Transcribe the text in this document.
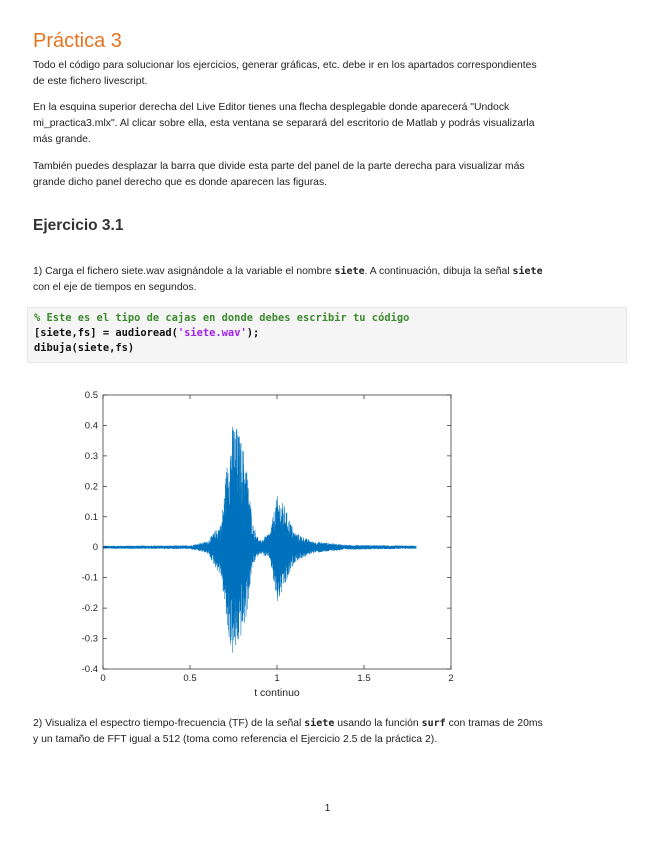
Práctica 3

Todo el código para solucionar los ejercicios, generar gráficas, etc. debe ir en los apartados correspondientes
de este fichero livescript.

En la esquina superior derecha del Live Editor tienes una flecha desplegable donde aparecerá "Undock
mi_practica3.mlx". Al clicar sobre ella, esta ventana se separará del escritorio de Matlab y podrás visualizarla
más grande.

También puedes desplazar la barra que divide esta parte del panel de la parte derecha para visualizar más
grande dicho panel derecho que es donde aparecen las figuras.

Ejercicio 3.1

1) Carga el fichero siete.wav asignándole a la variable el nombre siete. A continuación, dibuja la señal siete
con el eje de tiempos en segundos.

% Este es el tipo de cajas en donde debes escribir tu código
[siete,fs] = audioread('siete.wav');
dibuja(siete,fs)
0	0.5	1	1.5	2
-0.4
-0.3
-0.2
-0.1
0
0.1
0.2
0.3
0.4
0.5
t continuo

2) Visualiza el espectro tiempo-frecuencia (TF) de la señal siete usando la función surf con tramas de 20ms
y un tamaño de FFT igual a 512 (toma como referencia el Ejercicio 2.5 de la práctica 2).

1
